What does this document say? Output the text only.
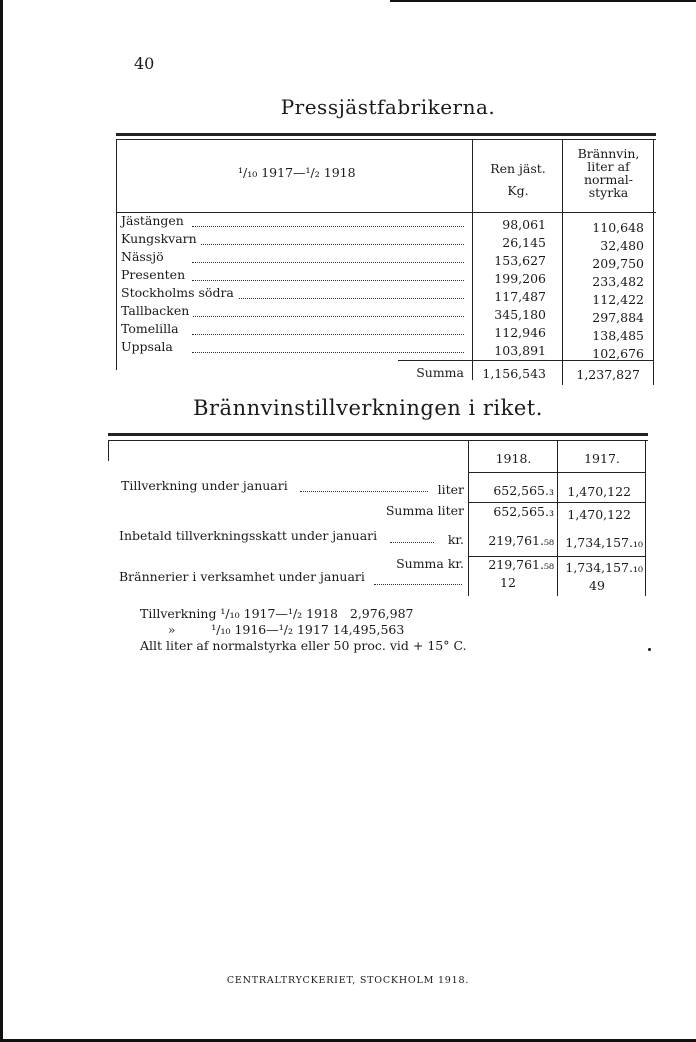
40
Pressjästfabrikerna.
¹/₁₀ 1917—¹/₂ 1918	Ren jäst.
Kg.
Brännvin,
liter af
normal-
styrka
Jästängen	98,061	110,648
Kungskvarn	26,145	32,480
Nässjö	153,627	209,750
Presenten	199,206	233,482
Stockholms södra	117,487	112,422
Tallbacken	345,180	297,884
Tomelilla	112,946	138,485
Uppsala	103,891	102,676
Summa	1,156,543	1,237,827
Brännvinstillverkningen i riket.
1918.	1917.
Tillverkning under januari	liter	652,565.₃	1,470,122
Summa liter	652,565.₃	1,470,122
Inbetald tillverkningsskatt under januari	kr.	219,761.₅₈ 1,734,157.₁₀
Summa kr.	219,761.₅₈ 1,734,157.₁₀
Brännerier i verksamhet under januari	12	49
Tillverkning ¹/₁₀ 1917—¹/₂ 1918   2,976,987
»         ¹/₁₀ 1916—¹/₂ 1917 14,495,563
Allt liter af normalstyrka eller 50 proc. vid + 15° C.
CENTRALTRYCKERIET, STOCKHOLM 1918.
